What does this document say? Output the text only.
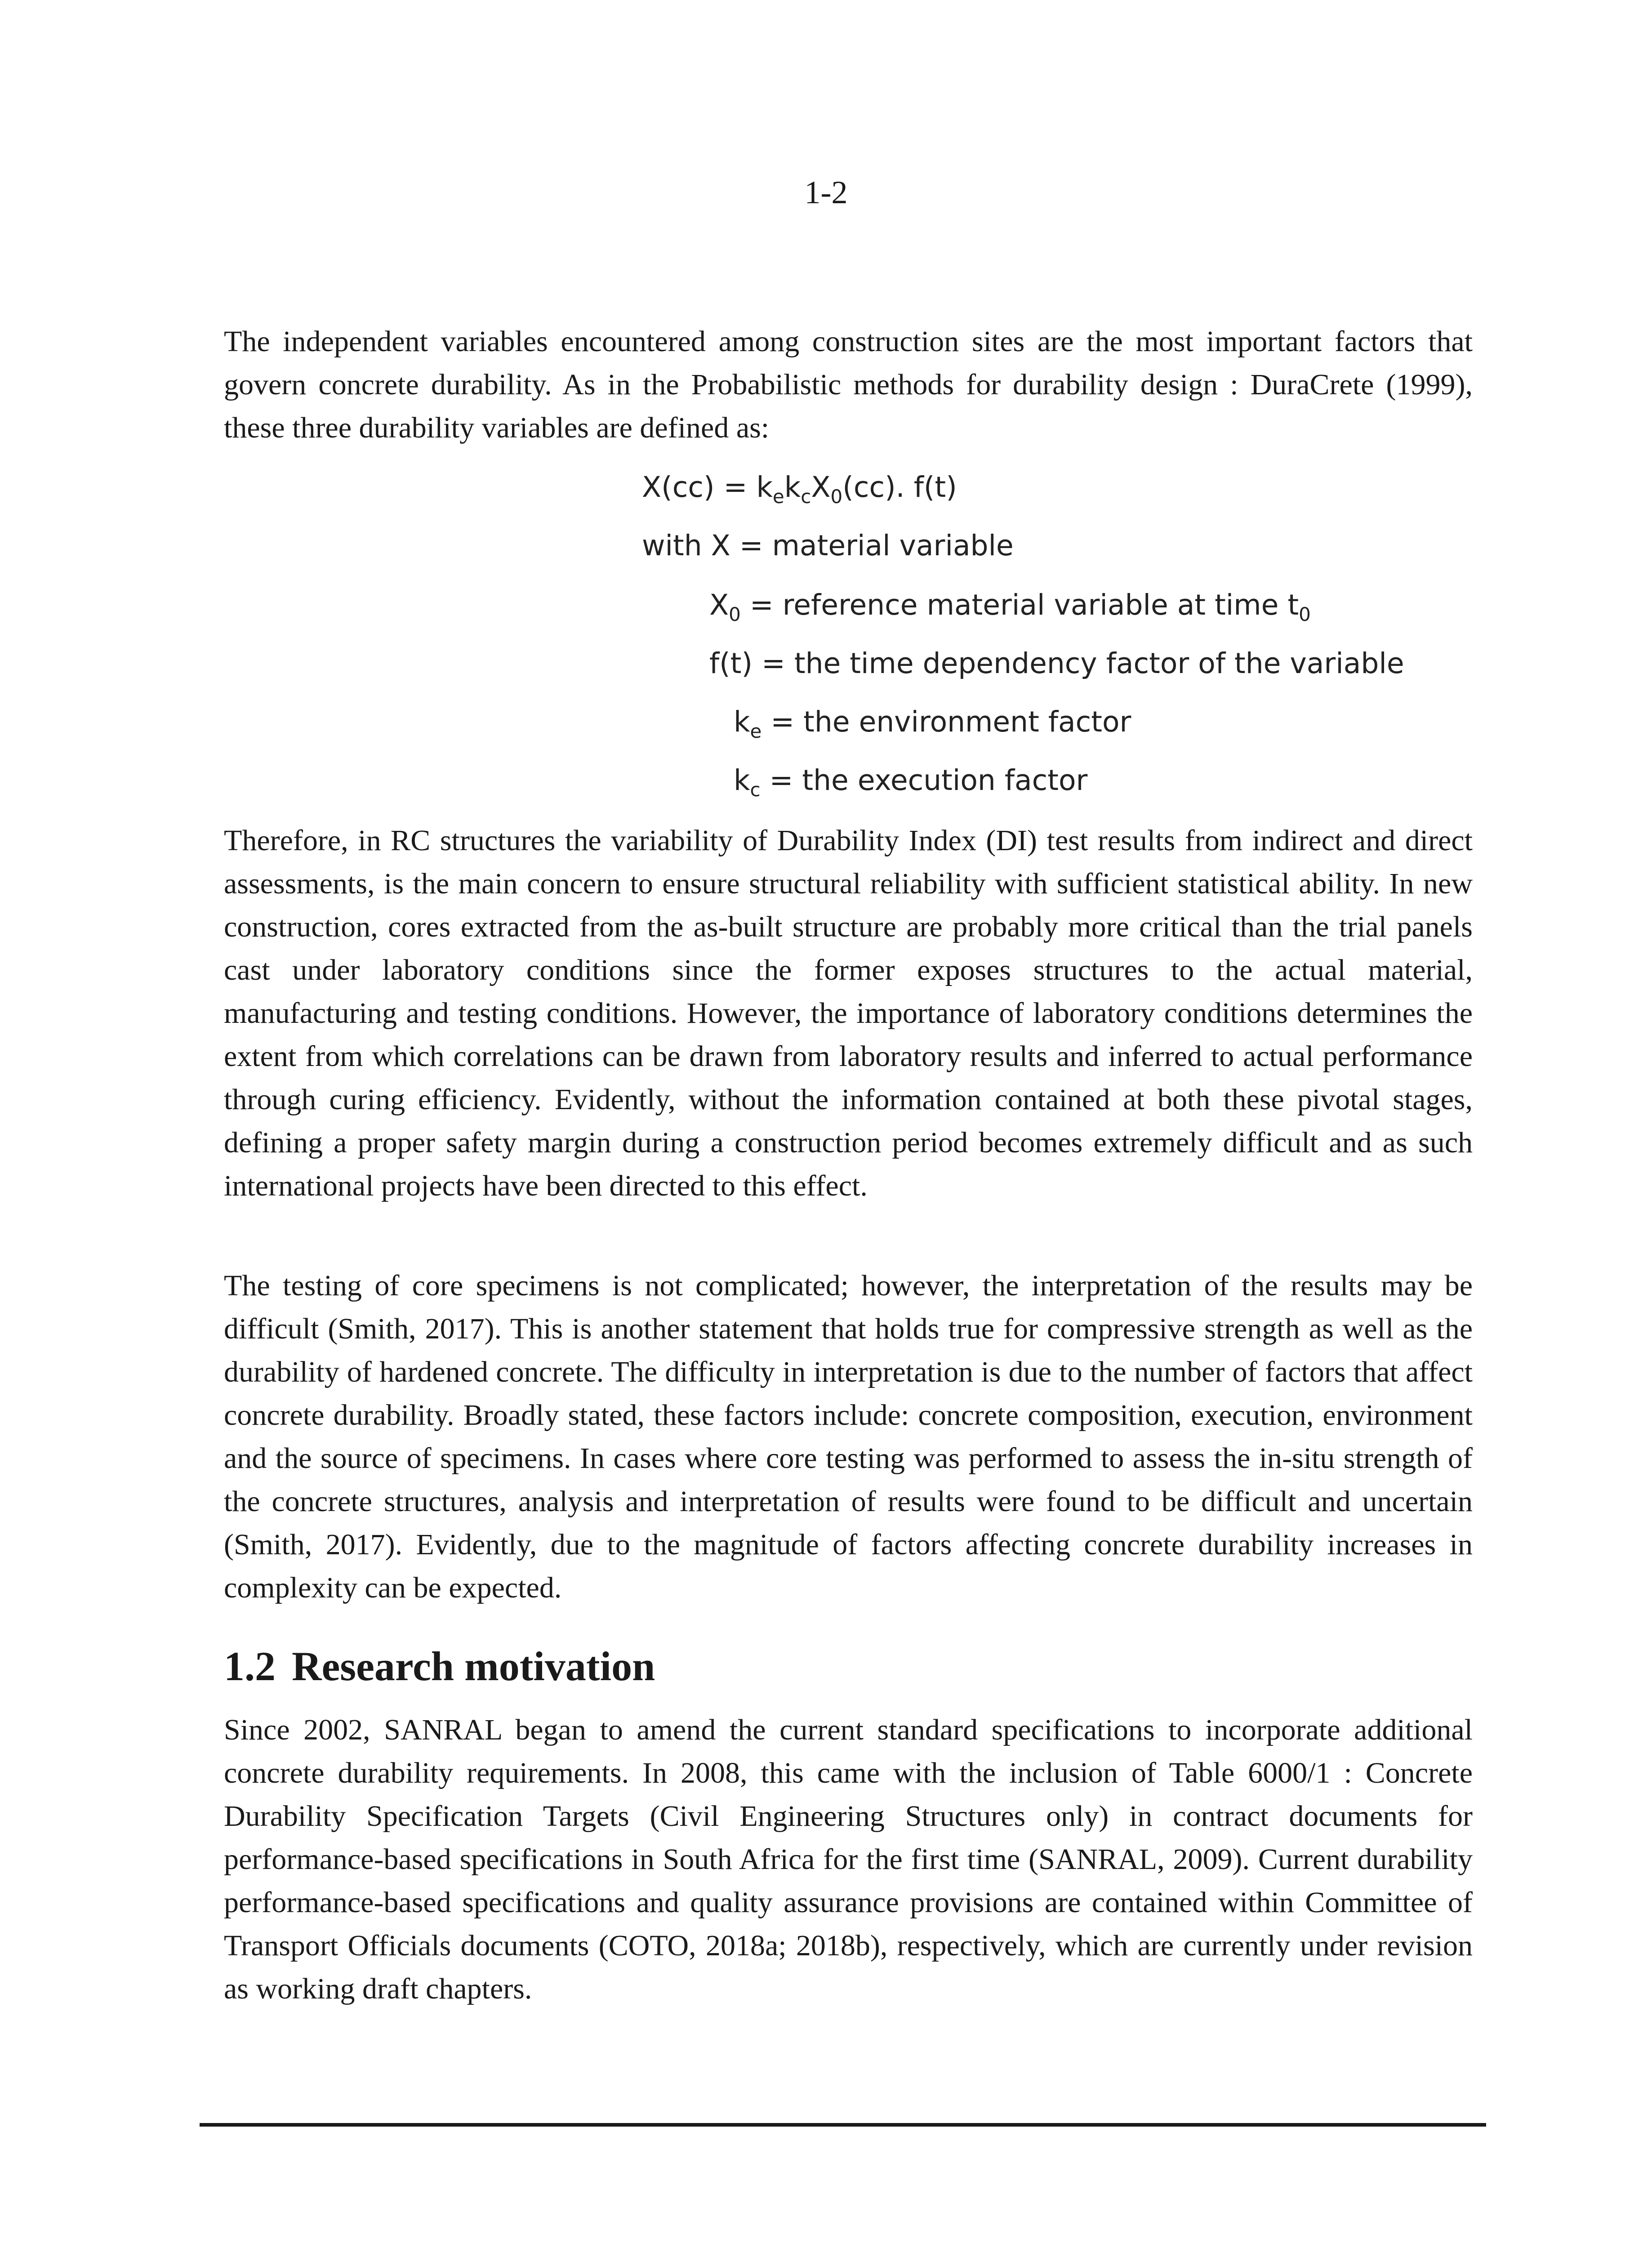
1-2

The independent variables encountered among construction sites are the most important factors that govern concrete durability. As in the Probabilistic methods for durability design : DuraCrete (1999), these three durability variables are defined as:

$X(cc) = k_ek_cX_0(cc)$. f(t)
with X = material variable
$X_0$ = reference material variable at time $t_0$
f(t) = the time dependency factor of the variable
$k_e$ = the environment factor
$k_c$ = the execution factor

Therefore, in RC structures the variability of Durability Index (DI) test results from indirect and direct assessments, is the main concern to ensure structural reliability with sufficient statistical ability. In new construction, cores extracted from the as-built structure are probably more critical than the trial panels cast under laboratory conditions since the former exposes structures to the actual material, manufacturing and testing conditions. However, the importance of laboratory conditions determines the extent from which correlations can be drawn from laboratory results and inferred to actual performance through curing efficiency. Evidently, without the information contained at both these pivotal stages, defining a proper safety margin during a construction period becomes extremely difficult and as such international projects have been directed to this effect.

The testing of core specimens is not complicated; however, the interpretation of the results may be difficult (Smith, 2017). This is another statement that holds true for compressive strength as well as the durability of hardened concrete. The difficulty in interpretation is due to the number of factors that affect concrete durability. Broadly stated, these factors include: concrete composition, execution, environment and the source of specimens. In cases where core testing was performed to assess the in-situ strength of the concrete structures, analysis and interpretation of results were found to be difficult and uncertain (Smith, 2017). Evidently, due to the magnitude of factors affecting concrete durability increases in complexity can be expected.

1.2 Research motivation

Since 2002, SANRAL began to amend the current standard specifications to incorporate additional concrete durability requirements. In 2008, this came with the inclusion of Table 6000/1 : Concrete Durability Specification Targets (Civil Engineering Structures only) in contract documents for performance-based specifications in South Africa for the first time (SANRAL, 2009). Current durability performance-based specifications and quality assurance provisions are contained within Committee of Transport Officials documents (COTO, 2018a; 2018b), respectively, which are currently under revision as working draft chapters.
